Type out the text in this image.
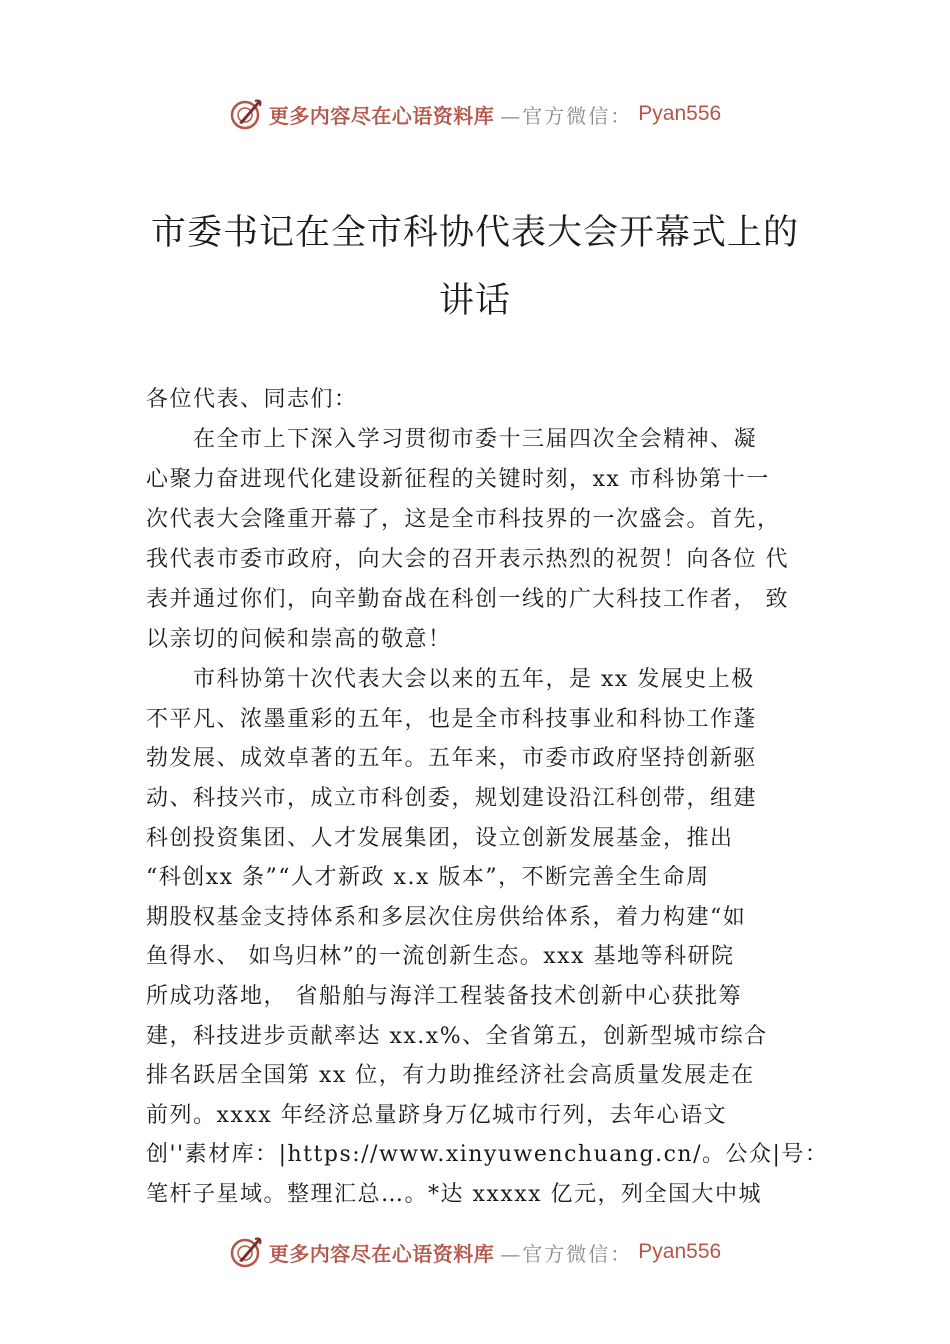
更多内容尽在心语资料库 —官方微信： Pyan556
市委书记在全市科协代表大会开幕式上的
讲话
各位代表、同志们：
　　在全市上下深入学习贯彻市委十三届四次全会精神、凝
心聚力奋进现代化建设新征程的关键时刻，xx 市科协第十一
次代表大会隆重开幕了，这是全市科技界的一次盛会。首先，
我代表市委市政府，向大会的召开表示热烈的祝贺！向各位 代
表并通过你们，向辛勤奋战在科创一线的广大科技工作者， 致
以亲切的问候和崇高的敬意！
　　市科协第十次代表大会以来的五年，是 xx 发展史上极
不平凡、浓墨重彩的五年，也是全市科技事业和科协工作蓬
勃发展、成效卓著的五年。五年来，市委市政府坚持创新驱
动、科技兴市，成立市科创委，规划建设沿江科创带，组建
科创投资集团、人才发展集团，设立创新发展基金，推出
“科创xx 条”“人才新政 x.x 版本”，不断完善全生命周
期股权基金支持体系和多层次住房供给体系，着力构建“如
鱼得水、 如鸟归林”的一流创新生态。xxx 基地等科研院
所成功落地， 省船舶与海洋工程装备技术创新中心获批筹
建，科技进步贡献率达 xx.x%、全省第五，创新型城市综合
排名跃居全国第 xx 位，有力助推经济社会高质量发展走在
前列。xxxx 年经济总量跻身万亿城市行列，去年心语文
创''素材库：|https://www.xinyuwenchuang.cn/。公众|号：
笔杆子星域。整理汇总…。*达 xxxxx 亿元，列全国大中城
更多内容尽在心语资料库 —官方微信： Pyan556
